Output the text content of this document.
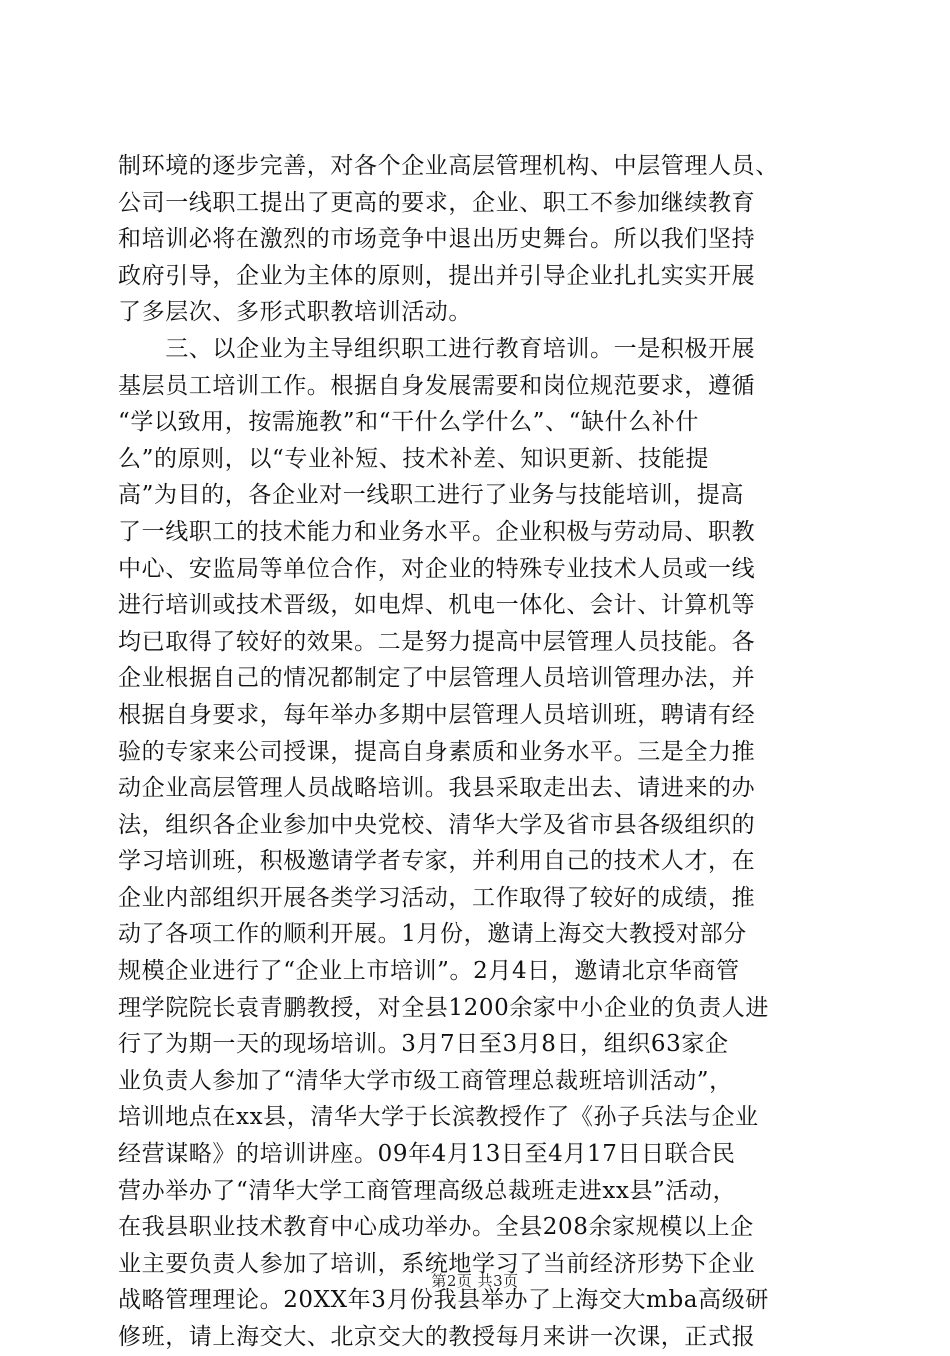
制环境的逐步完善，对各个企业高层管理机构、中层管理人员、
公司一线职工提出了更高的要求，企业、职工不参加继续教育
和培训必将在激烈的市场竞争中退出历史舞台。所以我们坚持
政府引导，企业为主体的原则，提出并引导企业扎扎实实开展
了多层次、多形式职教培训活动。
　　三、以企业为主导组织职工进行教育培训。一是积极开展
基层员工培训工作。根据自身发展需要和岗位规范要求，遵循
“学以致用，按需施教”和“干什么学什么”、“缺什么补什
么”的原则，以“专业补短、技术补差、知识更新、技能提
高”为目的，各企业对一线职工进行了业务与技能培训，提高
了一线职工的技术能力和业务水平。企业积极与劳动局、职教
中心、安监局等单位合作，对企业的特殊专业技术人员或一线
进行培训或技术晋级，如电焊、机电一体化、会计、计算机等
均已取得了较好的效果。二是努力提高中层管理人员技能。各
企业根据自己的情况都制定了中层管理人员培训管理办法，并
根据自身要求，每年举办多期中层管理人员培训班，聘请有经
验的专家来公司授课，提高自身素质和业务水平。三是全力推
动企业高层管理人员战略培训。我县采取走出去、请进来的办
法，组织各企业参加中央党校、清华大学及省市县各级组织的
学习培训班，积极邀请学者专家，并利用自己的技术人才，在
企业内部组织开展各类学习活动，工作取得了较好的成绩，推
动了各项工作的顺利开展。1月份，邀请上海交大教授对部分
规模企业进行了“企业上市培训”。2月4日，邀请北京华商管
理学院院长袁青鹏教授，对全县1200余家中小企业的负责人进
行了为期一天的现场培训。3月7日至3月8日，组织63家企
业负责人参加了“清华大学市级工商管理总裁班培训活动”，
培训地点在xx县，清华大学于长滨教授作了《孙子兵法与企业
经营谋略》的培训讲座。09年4月13日至4月17日日联合民
营办举办了“清华大学工商管理高级总裁班走进xx县”活动，
在我县职业技术教育中心成功举办。全县208余家规模以上企
业主要负责人参加了培训，系统地学习了当前经济形势下企业
战略管理理论。20XX年3月份我县举办了上海交大mba高级研
修班，请上海交大、北京交大的教授每月来讲一次课，正式报
第2页 共3页
